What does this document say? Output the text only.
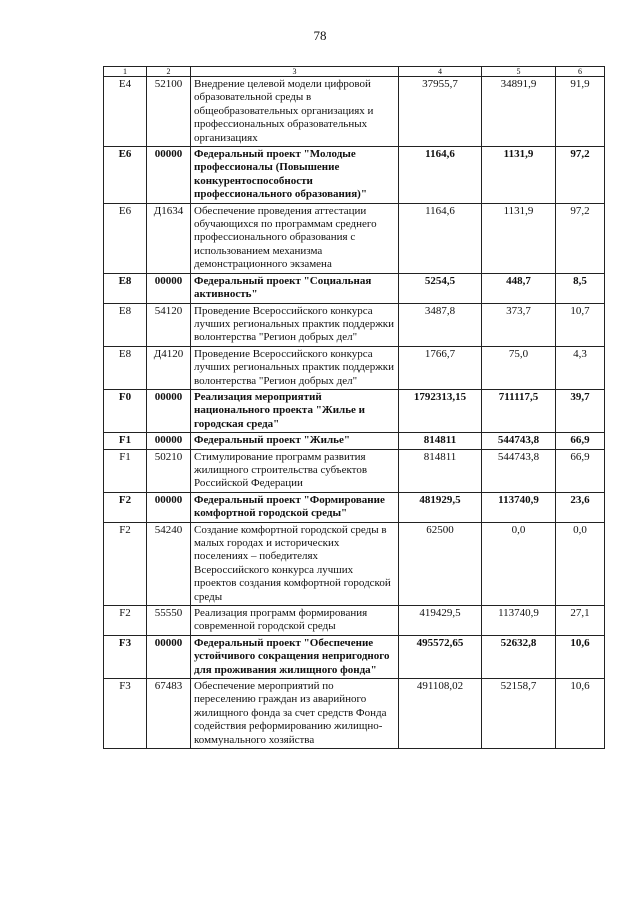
78
1	2	3	4	5	6
E4	52100	Внедрение целевой модели цифровой образовательной среды в общеобразовательных организациях и профессиональных образовательных организациях	37955,7	34891,9	91,9
E6	00000	Федеральный проект "Молодые профессионалы (Повышение конкурентоспособности профессионального образования)"	1164,6	1131,9	97,2
E6	Д1634	Обеспечение проведения аттестации обучающихся по программам среднего профессионального образования с использованием механизма демонстрационного экзамена	1164,6	1131,9	97,2
E8	00000	Федеральный проект "Социальная активность"	5254,5	448,7	8,5
E8	54120	Проведение Всероссийского конкурса лучших региональных практик поддержки волонтерства "Регион добрых дел"	3487,8	373,7	10,7
E8	Д4120	Проведение Всероссийского конкурса лучших региональных практик поддержки волонтерства "Регион добрых дел"	1766,7	75,0	4,3
F0	00000	Реализация мероприятий национального проекта "Жилье и городская среда"	1792313,15	711117,5	39,7
F1	00000	Федеральный проект "Жилье"	814811	544743,8	66,9
F1	50210	Стимулирование программ развития жилищного строительства субъектов Российской Федерации	814811	544743,8	66,9
F2	00000	Федеральный проект "Формирование комфортной городской среды"	481929,5	113740,9	23,6
F2	54240	Создание комфортной городской среды в малых городах и исторических поселениях – победителях Всероссийского конкурса лучших проектов создания комфортной городской среды	62500	0,0	0,0
F2	55550	Реализация программ формирования современной городской среды	419429,5	113740,9	27,1
F3	00000	Федеральный проект "Обеспечение устойчивого сокращения непригодного для проживания жилищного фонда"	495572,65	52632,8	10,6
F3	67483	Обеспечение мероприятий по переселению граждан из аварийного жилищного фонда за счет средств Фонда содействия реформированию жилищно-коммунального хозяйства	491108,02	52158,7	10,6
